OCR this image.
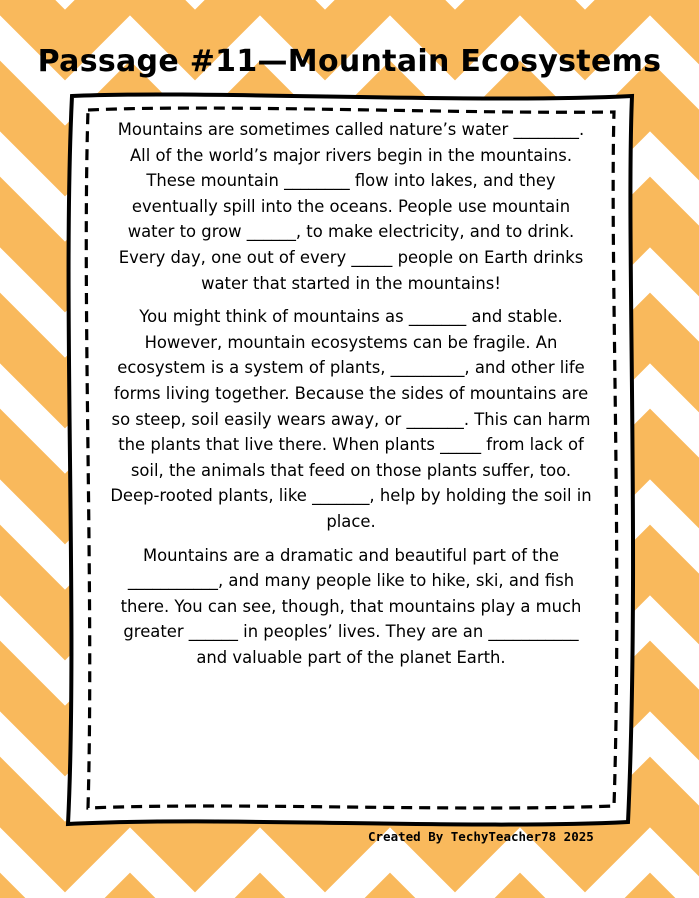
Passage #11—Mountain Ecosystems

Mountains are sometimes called nature’s water ________. All of the world’s major rivers begin in the mountains. These mountain ________ flow into lakes, and they eventually spill into the oceans. People use mountain water to grow ______, to make electricity, and to drink. Every day, one out of every _____ people on Earth drinks water that started in the mountains!

You might think of mountains as _______ and stable. However, mountain ecosystems can be fragile. An ecosystem is a system of plants, _________, and other life forms living together. Because the sides of mountains are so steep, soil easily wears away, or _______. This can harm the plants that live there. When plants _____ from lack of soil, the animals that feed on those plants suffer, too. Deep-rooted plants, like _______, help by holding the soil in place.

Mountains are a dramatic and beautiful part of the ___________, and many people like to hike, ski, and fish there. You can see, though, that mountains play a much greater ______ in peoples’ lives. They are an ___________ and valuable part of the planet Earth.

Created By TechyTeacher78 2025
